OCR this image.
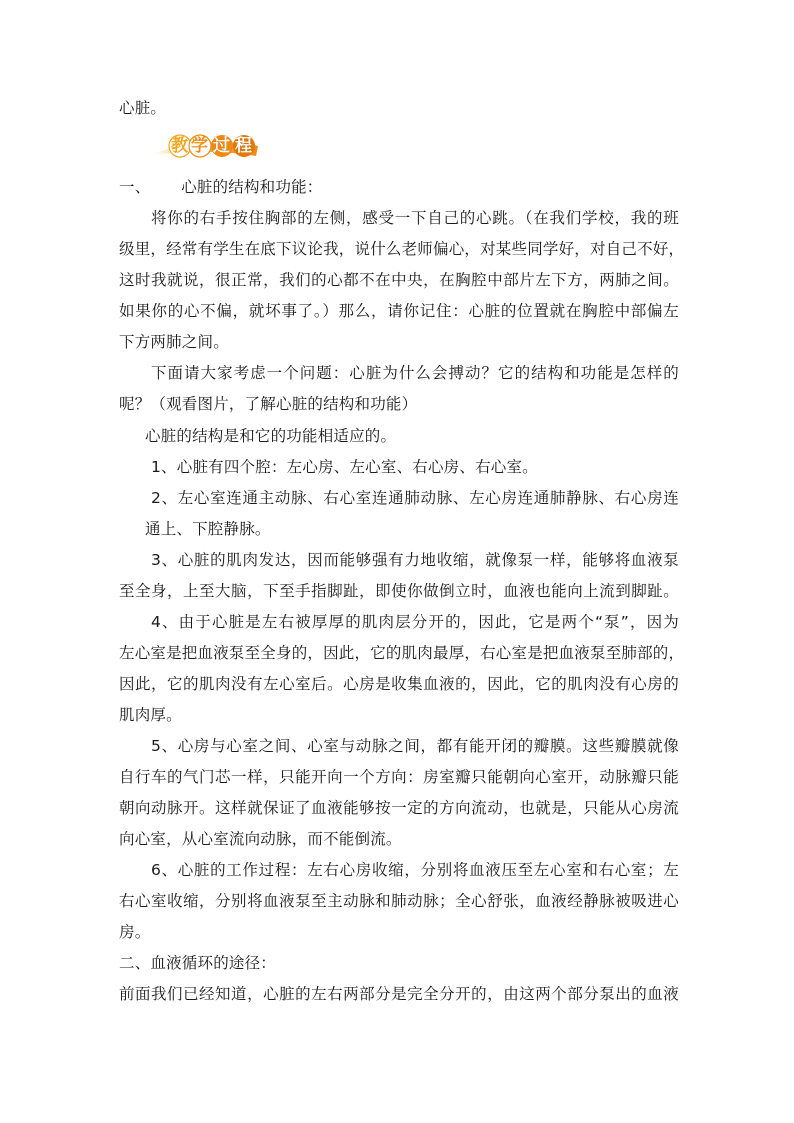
心脏。
教 学 过 程
一、      心脏的结构和功能：
将你的右手按住胸部的左侧，感受一下自己的心跳。（在我们学校，我的班
级里，经常有学生在底下议论我，说什么老师偏心，对某些同学好，对自己不好，
这时我就说，很正常，我们的心都不在中央，在胸腔中部片左下方，两肺之间。
如果你的心不偏，就坏事了。）那么，请你记住：心脏的位置就在胸腔中部偏左
下方两肺之间。
下面请大家考虑一个问题：心脏为什么会搏动？它的结构和功能是怎样的
呢？（观看图片，了解心脏的结构和功能）
心脏的结构是和它的功能相适应的。
1、心脏有四个腔：左心房、左心室、右心房、右心室。
2、左心室连通主动脉、右心室连通肺动脉、左心房连通肺静脉、右心房连
通上、下腔静脉。
3、心脏的肌肉发达，因而能够强有力地收缩，就像泵一样，能够将血液泵
至全身，上至大脑，下至手指脚趾，即使你做倒立时，血液也能向上流到脚趾。
4、由于心脏是左右被厚厚的肌肉层分开的，因此，它是两个“泵”，因为
左心室是把血液泵至全身的，因此，它的肌肉最厚，右心室是把血液泵至肺部的，
因此，它的肌肉没有左心室后。心房是收集血液的，因此，它的肌肉没有心房的
肌肉厚。
5、心房与心室之间、心室与动脉之间，都有能开闭的瓣膜。这些瓣膜就像
自行车的气门芯一样，只能开向一个方向：房室瓣只能朝向心室开，动脉瓣只能
朝向动脉开。这样就保证了血液能够按一定的方向流动，也就是，只能从心房流
向心室，从心室流向动脉，而不能倒流。
6、心脏的工作过程：左右心房收缩，分别将血液压至左心室和右心室；左
右心室收缩，分别将血液泵至主动脉和肺动脉；全心舒张，血液经静脉被吸进心
房。
二、血液循环的途径：
前面我们已经知道，心脏的左右两部分是完全分开的，由这两个部分泵出的血液
